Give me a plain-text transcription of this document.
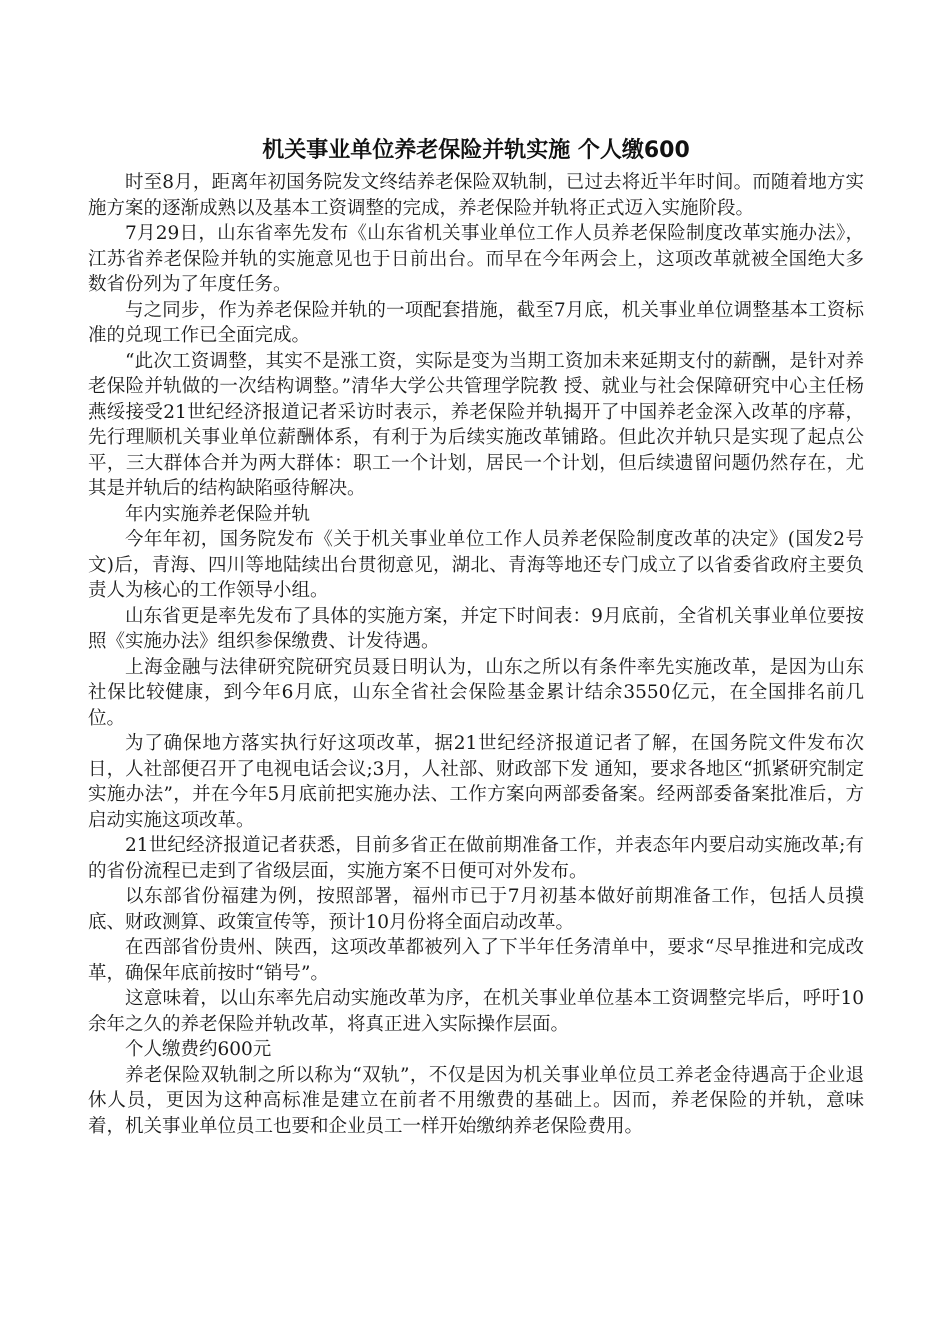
机关事业单位养老保险并轨实施 个人缴600

时至8月，距离年初国务院发文终结养老保险双轨制，已过去将近半年时间。而随着地方实施方案的逐渐成熟以及基本工资调整的完成，养老保险并轨将正式迈入实施阶段。

7月29日，山东省率先发布《山东省机关事业单位工作人员养老保险制度改革实施办法》，江苏省养老保险并轨的实施意见也于日前出台。而早在今年两会上，这项改革就被全国绝大多数省份列为了年度任务。

与之同步，作为养老保险并轨的一项配套措施，截至7月底，机关事业单位调整基本工资标准的兑现工作已全面完成。

“此次工资调整，其实不是涨工资，实际是变为当期工资加未来延期支付的薪酬，是针对养老保险并轨做的一次结构调整。”清华大学公共管理学院教 授、就业与社会保障研究中心主任杨燕绥接受21世纪经济报道记者采访时表示，养老保险并轨揭开了中国养老金深入改革的序幕，先行理顺机关事业单位薪酬体系，有利于为后续实施改革铺路。但此次并轨只是实现了起点公平，三大群体合并为两大群体：职工一个计划，居民一个计划，但后续遗留问题仍然存在，尤其是并轨后的结构缺陷亟待解决。

年内实施养老保险并轨

今年年初，国务院发布《关于机关事业单位工作人员养老保险制度改革的决定》(国发2号文)后，青海、四川等地陆续出台贯彻意见，湖北、青海等地还专门成立了以省委省政府主要负责人为核心的工作领导小组。

山东省更是率先发布了具体的实施方案，并定下时间表：9月底前，全省机关事业单位要按照《实施办法》组织参保缴费、计发待遇。

上海金融与法律研究院研究员聂日明认为，山东之所以有条件率先实施改革，是因为山东社保比较健康，到今年6月底，山东全省社会保险基金累计结余3550亿元，在全国排名前几位。

为了确保地方落实执行好这项改革，据21世纪经济报道记者了解，在国务院文件发布次日，人社部便召开了电视电话会议;3月，人社部、财政部下发 通知，要求各地区“抓紧研究制定实施办法”，并在今年5月底前把实施办法、工作方案向两部委备案。经两部委备案批准后，方启动实施这项改革。

21世纪经济报道记者获悉，目前多省正在做前期准备工作，并表态年内要启动实施改革;有的省份流程已走到了省级层面，实施方案不日便可对外发布。

以东部省份福建为例，按照部署，福州市已于7月初基本做好前期准备工作，包括人员摸底、财政测算、政策宣传等，预计10月份将全面启动改革。

在西部省份贵州、陕西，这项改革都被列入了下半年任务清单中，要求“尽早推进和完成改革，确保年底前按时“销号”。

这意味着，以山东率先启动实施改革为序，在机关事业单位基本工资调整完毕后，呼吁10余年之久的养老保险并轨改革，将真正进入实际操作层面。

个人缴费约600元

养老保险双轨制之所以称为“双轨”，不仅是因为机关事业单位员工养老金待遇高于企业退休人员，更因为这种高标准是建立在前者不用缴费的基础上。因而，养老保险的并轨，意味着，机关事业单位员工也要和企业员工一样开始缴纳养老保险费用。
